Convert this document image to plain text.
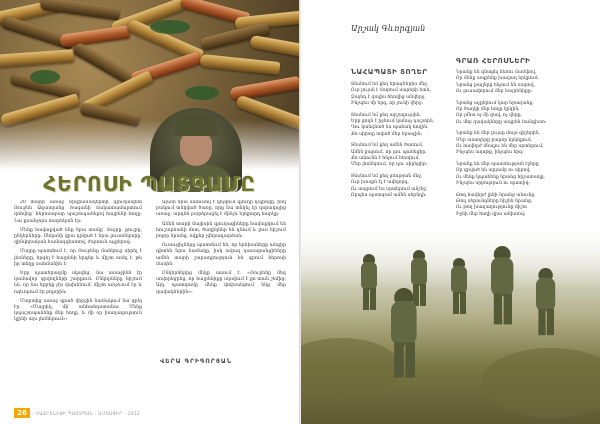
ՀԵՐՈՍԻ ՊԱՏԳԱՄԸ

20 տարի առաջ Տիգրանակերտի գյուղապետ Ռուբեն Ազատյանը Տագանի ճակատամարտում զոհվեց՝ հերոսաբար պաշտպանելով հայրենի հողը։ Նա քսանչորս տարեկան էր։

Մենք հավաքված ենք նրա տանը՝ մայրը, քույրը, ընկերները։ Սեղանի վրա դրված է նրա լուսանկարը՝ զինվորական համազգեստով, ժպտուն աչքերով։

Մայրը պատմում է, որ Ռուբենը մանկուց սիրել է լեռները, երգել է հայրենի երգեր և միշտ ասել է, թե իր տեղը սահմանին է։

Երբ պատերազմը սկսվեց, նա առաջինն էր կամավոր գրվողների շարքում։ Ընկերները հիշում են, որ նա երբեք չէր վախենում, միշտ առջևում էր և ոգևորում էր բոլորին։

Մարտից առաջ գրած վերջին նամակում նա գրել էր. «Մայրիկ, մի՛ անհանգստանա։ Մենք կպաշտպանենք մեր հողը, և մի օր խաղաղություն կլինի այս լեռներում»։

Այսօր նրա անունով է կոչվում գյուղի դպրոցը, իսկ բակում տնկված ծառը, որը նա տնկել էր զորակոչից առաջ, արդեն բարձրացել է մինչև երկրորդ հարկը։

Ամեն տարի մայիսին գյուղացիները հավաքվում են հուշարձանի մոտ, ծաղիկներ են դնում և լուռ հիշում բոլոր նրանց, ովքեր չվերադարձան։

Ուսուցիչները պատմում են, որ երեխաները անգիր գիտեն նրա նամակը, իսկ ավագ դասարանցիները ամեն տարի շարադրություն են գրում հերոսի մասին։

Ընկերներից մեկը ասում է. «Ռուբենը մեզ սովորեցրեց, որ հայրենիքը սկսվում է քո տան շեմից։ Այդ պատգամը մենք փոխանցում ենք մեր զավակներին»։

ՎԵՐԱ ԳՐԻԳՈՐՅԱՆ
26	ՀԱՅՐԵՆԻՔԻ ՊԱՇՏՊԱՆ · ԱՄՍԱԳԻՐ · 2012
Արշակ Գևորգյան
ՆԱՀԱՊԱՏԻ ՏՈՂԵՐ
Տեսնում եմ քեզ երազներիս մեջ,
Ուր լույսն է մարում սարերի ետև,
Ձայնդ է գալիս հեռվից անվերջ,
Ինչպես մի երգ, որ չունի վերջ։
Տեսնում եմ քեզ արշալույսին,
Երբ ցողն է իջնում կանաչ դաշտին,
Դու կանգնած ես պահակ հողին,
Քո սիրտը տված մեր երազին։
Տեսնում եմ քեզ ամեն ծառում,
Ամեն քարում, որ դու պահեցիր,
Քո անունն է հնչում հեռվում,
Մեր լեռներում, որ դու սիրեցիր։
Տեսնում եմ քեզ լռության մեջ,
Ուր խոսքն էլ է ավելորդ,
Ու ապրում ես սրտերում անշեջ,
Որպես պատգամ ամեն սերնդի։
ԳՐԱՌ ՀԵՐՈՍՆԵՐԻ
Նրանք են գնացել հեռու ճամփով,
Որ մենք ապրենք խաղաղ երկրում,
Նրանց քայլերը հնչում են սարով,
Ու լուսավորում մեր հայրենիքը։
Նրանց աչքերում կար երազանք,
Որ ծաղկի մեր հողը կրկին,
Որ չմնա ոչ մի ցավ, ոչ վերք,
Ու մեր զավակները ապրեն հանգիստ։
Նրանք են մեր լույսը մութ գիշերին,
Մեր աստղերը բարձր երկնքում,
Ու հավերժ մնալու են մեր սրտերում,
Ինչպես աղոթք, ինչպես երգ։
Նրանք են մեր պատմության էջերը,
Որ գրված են արյամբ ու սիրով,
Ու մենք կպահենք նրանց հիշատակը,
Ինչպես սրբություն ու պատիվ։
Թող հավերժ լինի նրանց անունը,
Թող սերունդները հիշեն նրանց,
Ու թող խաղաղությունը միշտ
Իջնի մեր հողի վրա անխռով։
